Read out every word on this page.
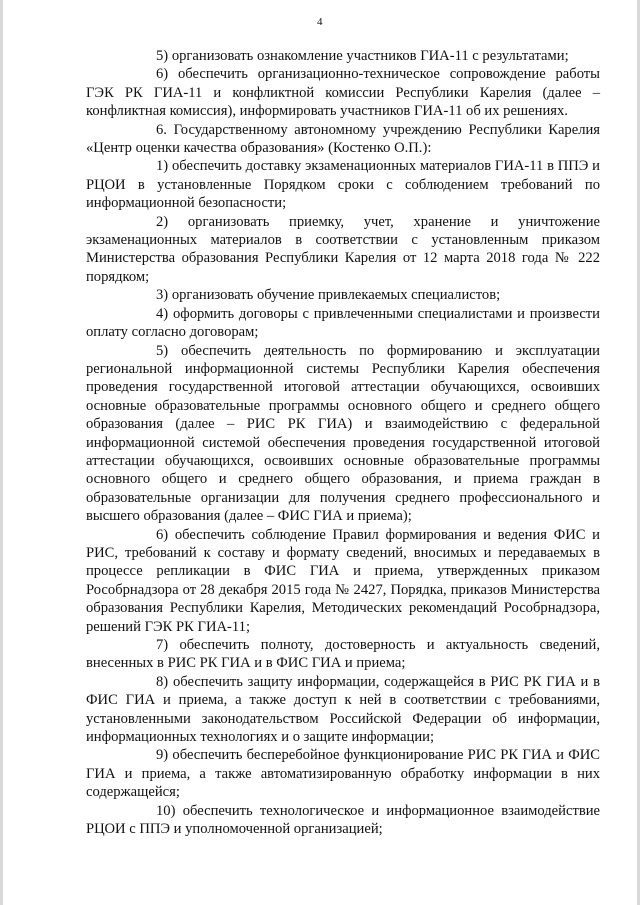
4

5) организовать ознакомление участников ГИА-11 с результатами;

6) обеспечить организационно-техническое сопровождение работы ГЭК РК ГИА-11 и конфликтной комиссии Республики Карелия (далее – конфликтная комиссия), информировать участников ГИА-11 об их решениях.

6. Государственному автономному учреждению Республики Карелия «Центр оценки качества образования» (Костенко О.П.):

1) обеспечить доставку экзаменационных материалов ГИА-11 в ППЭ и РЦОИ в установленные Порядком сроки с соблюдением требований по информационной безопасности;

2) организовать приемку, учет, хранение и уничтожение экзаменационных материалов в соответствии с установленным приказом Министерства образования Республики Карелия от 12 марта 2018 года № 222 порядком;

3) организовать обучение привлекаемых специалистов;

4) оформить договоры с привлеченными специалистами и произвести оплату согласно договорам;

5) обеспечить деятельность по формированию и эксплуатации региональной информационной системы Республики Карелия обеспечения проведения государственной итоговой аттестации обучающихся, освоивших основные образовательные программы основного общего и среднего общего образования (далее – РИС РК ГИА) и взаимодействию с федеральной информационной системой обеспечения проведения государственной итоговой аттестации обучающихся, освоивших основные образовательные программы основного общего и среднего общего образования, и приема граждан в образовательные организации для получения среднего профессионального и высшего образования (далее – ФИС ГИА и приема);

6) обеспечить соблюдение Правил формирования и ведения ФИС и РИС, требований к составу и формату сведений, вносимых и передаваемых в процессе репликации в ФИС ГИА и приема, утвержденных приказом Рособрнадзора от 28 декабря 2015 года № 2427, Порядка, приказов Министерства образования Республики Карелия, Методических рекомендаций Рособрнадзора, решений ГЭК РК ГИА-11;

7) обеспечить полноту, достоверность и актуальность сведений, внесенных в РИС РК ГИА и в ФИС ГИА и приема;

8) обеспечить защиту информации, содержащейся в РИС РК ГИА и в ФИС ГИА и приема, а также доступ к ней в соответствии с требованиями, установленными законодательством Российской Федерации об информации, информационных технологиях и о защите информации;

9) обеспечить бесперебойное функционирование РИС РК ГИА и ФИС ГИА и приема, а также автоматизированную обработку информации в них содержащейся;

10) обеспечить технологическое и информационное взаимодействие РЦОИ с ППЭ и уполномоченной организацией;
